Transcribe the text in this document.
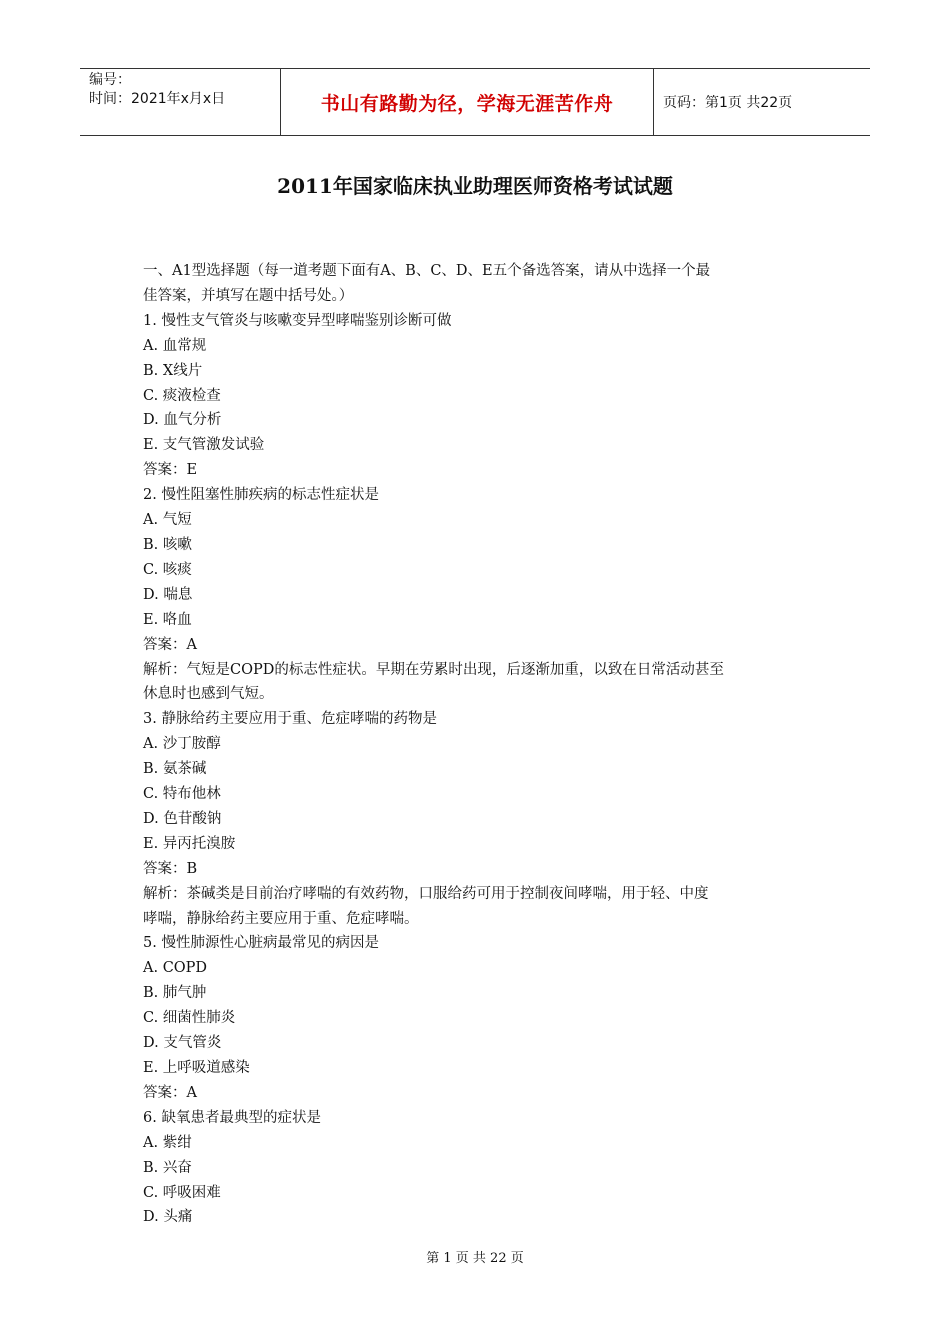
编号：
时间：2021年x月x日	书山有路勤为径，学海无涯苦作舟	页码：第1页 共22页
2011年国家临床执业助理医师资格考试试题

一、A1型选择题（每一道考题下面有A、B、C、D、E五个备选答案，请从中选择一个最

佳答案，并填写在题中括号处。）

1. 慢性支气管炎与咳嗽变异型哮喘鉴别诊断可做

A. 血常规

B. X线片

C. 痰液检查

D. 血气分析

E. 支气管激发试验

答案：E

2. 慢性阻塞性肺疾病的标志性症状是

A. 气短

B. 咳嗽

C. 咳痰

D. 喘息

E. 咯血

答案：A

解析：气短是COPD的标志性症状。早期在劳累时出现，后逐渐加重，以致在日常活动甚至

休息时也感到气短。

3. 静脉给药主要应用于重、危症哮喘的药物是

A. 沙丁胺醇

B. 氨茶碱

C. 特布他林

D. 色苷酸钠

E. 异丙托溴胺

答案：B

解析：茶碱类是目前治疗哮喘的有效药物，口服给药可用于控制夜间哮喘，用于轻、中度

哮喘，静脉给药主要应用于重、危症哮喘。

5. 慢性肺源性心脏病最常见的病因是

A. COPD

B. 肺气肿

C. 细菌性肺炎

D. 支气管炎

E. 上呼吸道感染

答案：A

6. 缺氧患者最典型的症状是

A. 紫绀

B. 兴奋

C. 呼吸困难

D. 头痛

第 1 页 共 22 页
